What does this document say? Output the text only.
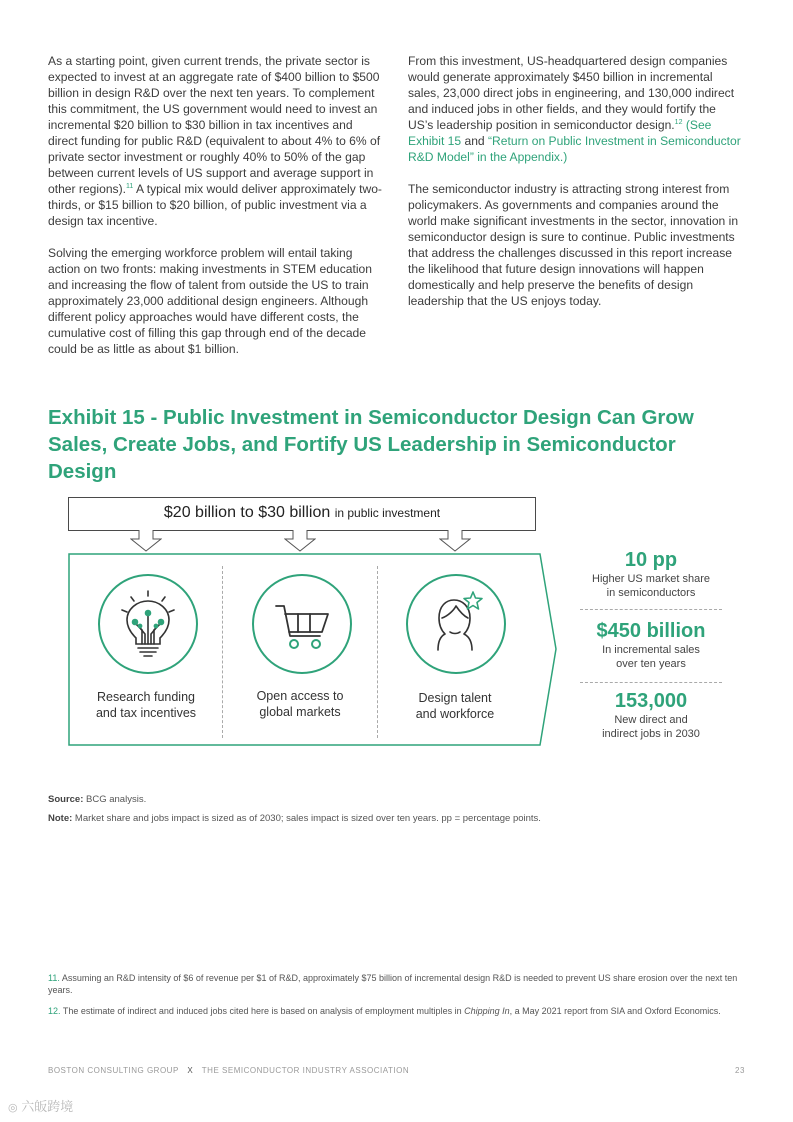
As a starting point, given current trends, the private sector is expected to invest at an aggregate rate of $400 billion to $500 billion in design R&D over the next ten years. To complement this commitment, the US government would need to invest an incremental $20 billion to $30 billion in tax incentives and direct funding for public R&D (equivalent to about 4% to 6% of private sector investment or roughly 40% to 50% of the gap between current levels of US support and average support in other regions).$^{11}$ A typical mix would deliver approximately two-thirds, or $15 billion to $20 billion, of public investment via a design tax incentive.

Solving the emerging workforce problem will entail taking action on two fronts: making investments in STEM education and increasing the flow of talent from outside the US to train approximately 23,000 additional design engineers. Although different policy approaches would have different costs, the cumulative cost of filling this gap through end of the decade could be as little as about $1 billion.

From this investment, US-headquartered design companies would generate approximately $450 billion in incremental sales, 23,000 direct jobs in engineering, and 130,000 indirect and induced jobs in other fields, and they would fortify the US’s leadership position in semiconductor design.$^{12}$ (See Exhibit 15 and “Return on Public Investment in Semiconductor R&D Model” in the Appendix.)

The semiconductor industry is attracting strong interest from policymakers. As governments and companies around the world make significant investments in the sector, innovation in semiconductor design is sure to continue. Public investments that address the challenges discussed in this report increase the likelihood that future design innovations will happen domestically and help preserve the benefits of design leadership that the US enjoys today.

Exhibit 15 - Public Investment in Semiconductor Design Can Grow
Sales, Create Jobs, and Fortify US Leadership in Semiconductor Design
$20 billion to $30 billion in public investment
Research funding
and tax incentives
Open access to
global markets
Design talent
and workforce
10 pp
Higher US market share
in semiconductors
$450 billion
In incremental sales
over ten years
153,000
New direct and
indirect jobs in 2030
Source: BCG analysis.
Note: Market share and jobs impact is sized as of 2030; sales impact is sized over ten years. pp = percentage points.
11. Assuming an R&D intensity of $6 of revenue per $1 of R&D, approximately $75 billion of incremental design R&D is needed to prevent US share erosion over the next ten years.
12. The estimate of indirect and induced jobs cited here is based on analysis of employment multiples in Chipping In, a May 2021 report from SIA and Oxford Economics.
BOSTON CONSULTING GROUP X THE SEMICONDUCTOR INDUSTRY ASSOCIATION	23
◎ 六皈跨境
